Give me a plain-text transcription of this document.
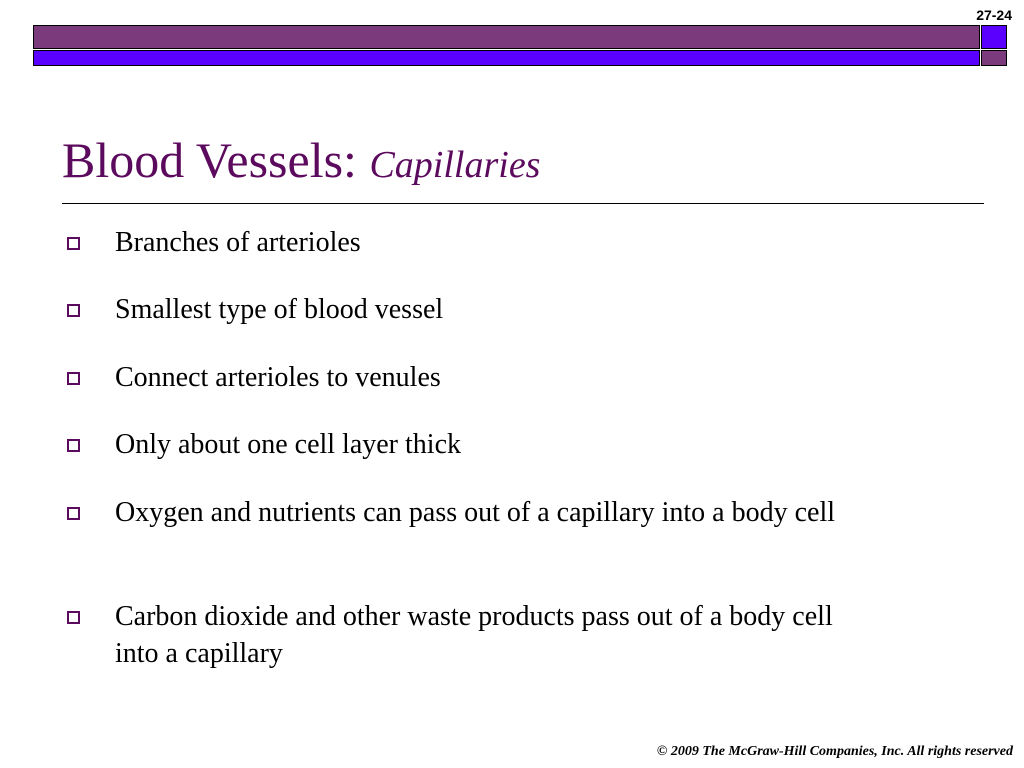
27-24
Blood Vessels: Capillaries
Branches of arterioles
Smallest type of blood vessel
Connect arterioles to venules
Only about one cell layer thick
Oxygen and nutrients can pass out of a capillary into a body cell
Carbon dioxide and other waste products pass out of a body cell into a capillary
© 2009 The McGraw-Hill Companies, Inc. All rights reserved
